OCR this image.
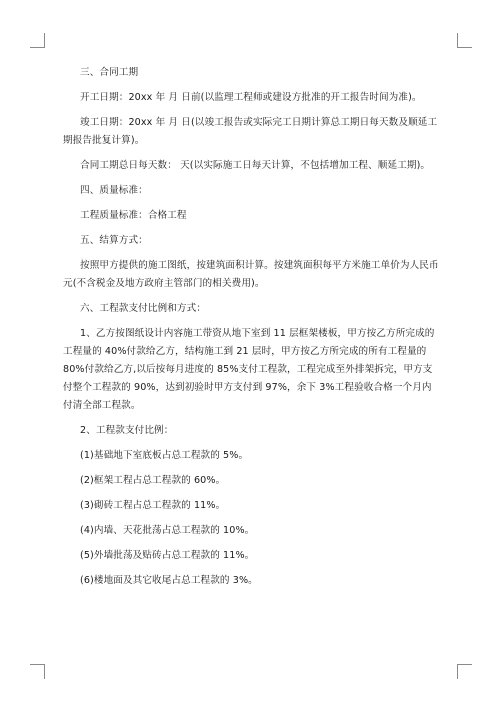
三、合同工期

开工日期：20xx 年 月 日前(以监理工程师或建设方批准的开工报告时间为准)。

竣工日期：20xx 年 月 日(以竣工报告或实际完工日期计算总工期日每天数及顺延工期报告批复计算)。

合同工期总日每天数： 天(以实际施工日每天计算，不包括增加工程、顺延工期)。

四、质量标准：

工程质量标准：合格工程

五、结算方式：

按照甲方提供的施工图纸，按建筑面积计算。按建筑面积每平方米施工单价为人民币 元(不含税金及地方政府主管部门的相关费用)。

六、工程款支付比例和方式：

1、乙方按图纸设计内容施工带资从地下室到 11 层框架楼板，甲方按乙方所完成的工程量的 40%付款给乙方，结构施工到 21 层时，甲方按乙方所完成的所有工程量的 80%付款给乙方,以后按每月进度的 85%支付工程款，工程完成至外排架拆完，甲方支付整个工程款的 90%，达到初验时甲方支付到 97%，余下 3%工程验收合格一个月内付清全部工程款。

2、工程款支付比例：

(1)基础地下室底板占总工程款的 5%。

(2)框架工程占总工程款的 60%。

(3)砌砖工程占总工程款的 11%。

(4)内墙、天花批荡占总工程款的 10%。

(5)外墙批荡及贴砖占总工程款的 11%。

(6)楼地面及其它收尾占总工程款的 3%。
